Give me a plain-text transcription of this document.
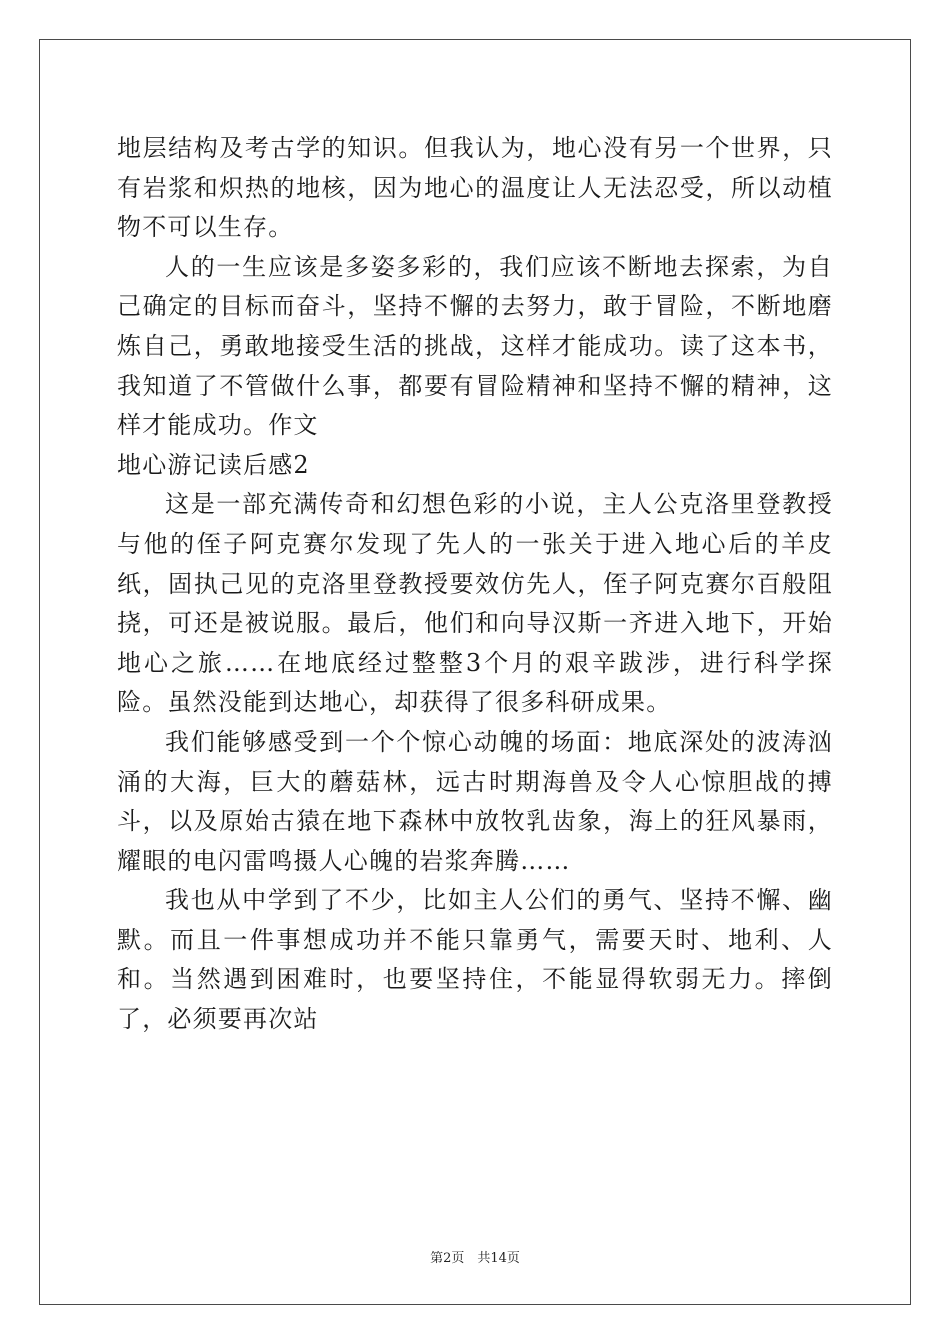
地层结构及考古学的知识。但我认为，地心没有另一个世界，只有岩浆和炽热的地核，因为地心的温度让人无法忍受，所以动植物不可以生存。

人的一生应该是多姿多彩的，我们应该不断地去探索，为自己确定的目标而奋斗，坚持不懈的去努力，敢于冒险，不断地磨炼自己，勇敢地接受生活的挑战，这样才能成功。读了这本书，我知道了不管做什么事，都要有冒险精神和坚持不懈的精神，这样才能成功。作文

地心游记读后感2

这是一部充满传奇和幻想色彩的小说，主人公克洛里登教授与他的侄子阿克赛尔发现了先人的一张关于进入地心后的羊皮纸，固执己见的克洛里登教授要效仿先人，侄子阿克赛尔百般阻挠，可还是被说服。最后，他们和向导汉斯一齐进入地下，开始地心之旅……在地底经过整整3个月的艰辛跋涉，进行科学探险。虽然没能到达地心，却获得了很多科研成果。

我们能够感受到一个个惊心动魄的场面：地底深处的波涛汹涌的大海，巨大的蘑菇林，远古时期海兽及令人心惊胆战的搏斗，以及原始古猿在地下森林中放牧乳齿象，海上的狂风暴雨，耀眼的电闪雷鸣摄人心魄的岩浆奔腾……

我也从中学到了不少，比如主人公们的勇气、坚持不懈、幽默。而且一件事想成功并不能只靠勇气，需要天时、地利、人和。当然遇到困难时，也要坚持住，不能显得软弱无力。摔倒了，必须要再次站

第2页　共14页
